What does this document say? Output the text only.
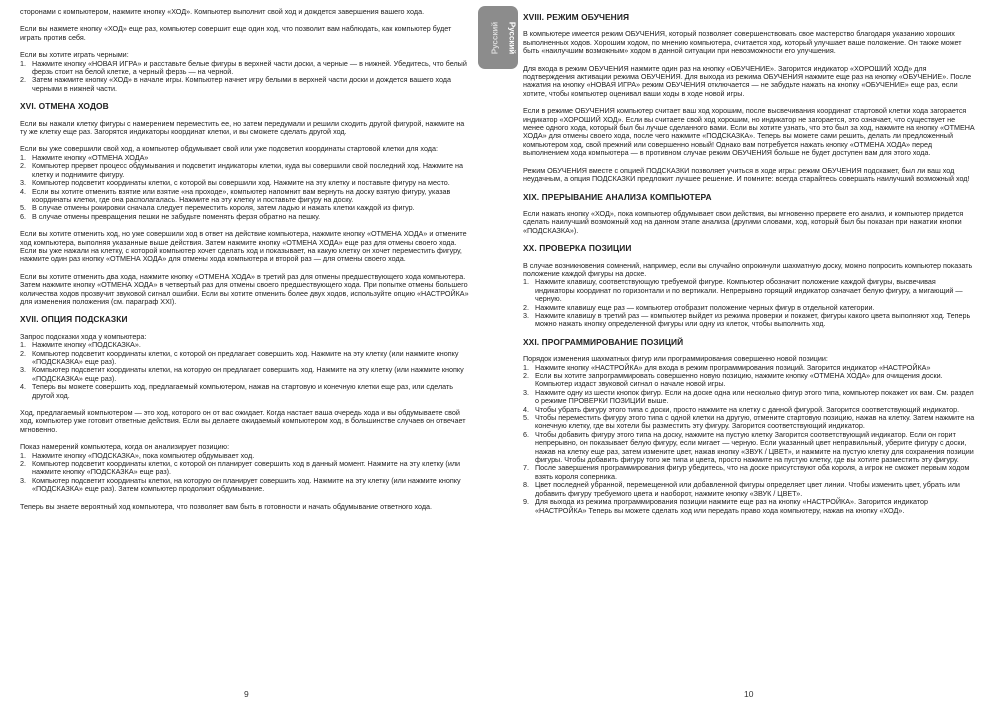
сторонами с компьютером, нажмите кнопку «ХОД». Компьютер выполнит свой ход и дождется завершения вашего хода.

Если вы нажмете кнопку «ХОД» еще раз, компьютер совершит еще один ход, что позволит вам наблюдать, как компьютер будет играть против себя.

Если вы хотите играть черными:

1. Нажмите кнопку «НОВАЯ ИГРА» и расставьте белые фигуры в верхней части доски, а черные — в нижней. Убедитесь, что белый ферзь стоит на белой клетке, а черный ферзь — на черной.
2. Затем нажмите кнопку «ХОД» в начале игры. Компьютер начнет игру белыми в верхней части доски и дождется вашего хода черными в нижней части.
XVI. ОТМЕНА ХОДОВ

Если вы нажали клетку фигуры с намерением переместить ее, но затем передумали и решили сходить другой фигурой, нажмите на ту же клетку еще раз. Загорятся индикаторы координат клетки, и вы сможете сделать другой ход.

Если вы уже совершили свой ход, а компьютер обдумывает свой или уже подсветил координаты стартовой клетки для хода:

1. Нажмите кнопку «ОТМЕНА ХОДА»
2. Компьютер прервет процесс обдумывания и подсветит индикаторы клетки, куда вы совершили свой последний ход. Нажмите на клетку и поднимите фигуру.
3. Компьютер подсветит координаты клетки, с которой вы совершили ход. Нажмите на эту клетку и поставьте фигуру на место.
4. Если вы хотите отменить взятие или взятие «на проходе», компьютер напомнит вам вернуть на доску взятую фигуру, указав координаты клетки, где она располагалась. Нажмите на эту клетку и поставьте фигуру на доску.
5. В случае отмены рокировки сначала следует переместить короля, затем ладью и нажать клетки каждой из фигур.
6. В случае отмены превращения пешки не забудьте поменять ферзя обратно на пешку.

Если вы хотите отменить ход, но уже совершили ход в ответ на действие компьютера, нажмите кнопку «ОТМЕНА ХОДА» и отмените ход компьютера, выполняя указанные выше действия. Затем нажмите кнопку «ОТМЕНА ХОДА» еще раз для отмены своего хода.

Если вы уже нажали на клетку, с которой компьютер хочет сделать ход и показывает, на какую клетку он хочет переместить фигуру, нажмите один раз кнопку «ОТМЕНА ХОДА» для отмены хода компьютера и второй раз — для отмены своего хода.

Если вы хотите отменить два хода, нажмите кнопку «ОТМЕНА ХОДА» в третий раз для отмены предшествующего хода компьютера. Затем нажмите кнопку «ОТМЕНА ХОДА» в четвертый раз для отмены своего предшествующего хода. При попытке отмены большего количества ходов прозвучит звуковой сигнал ошибки. Если вы хотите отменить более двух ходов, используйте опцию «НАСТРОЙКА» для изменения положения (см. параграф XXI).

XVII. ОПЦИЯ ПОДСКАЗКИ

Запрос подсказки хода у компьютера:

1. Нажмите кнопку «ПОДСКАЗКА».
2. Компьютер подсветит координаты клетки, с которой он предлагает совершить ход. Нажмите на эту клетку (или нажмите кнопку «ПОДСКАЗКА» еще раз).
3. Компьютер подсветит координаты клетки, на которую он предлагает совершить ход. Нажмите на эту клетку (или нажмите кнопку «ПОДСКАЗКА» еще раз).
4. Теперь вы можете совершить ход, предлагаемый компьютером, нажав на стартовую и конечную клетки еще раз, или сделать другой ход.

Ход, предлагаемый компьютером — это ход, которого он от вас ожидает. Когда настает ваша очередь хода и вы обдумываете свой ход, компьютер уже готовит ответные действия. Если вы делаете ожидаемый компьютером ход, в большинстве случаев он отвечает мгновенно.

Показ намерений компьютера, когда он анализирует позицию:

1. Нажмите кнопку «ПОДСКАЗКА», пока компьютер обдумывает ход.
2. Компьютер подсветит координаты клетки, с которой он планирует совершить ход в данный момент. Нажмите на эту клетку (или нажмите кнопку «ПОДСКАЗКА» еще раз).
3. Компьютер подсветит координаты клетки, на которую он планирует совершить ход. Нажмите на эту клетку (или нажмите кнопку «ПОДСКАЗКА» еще раз). Затем компьютер продолжит обдумывание.

Теперь вы знаете вероятный ход компьютера, что позволяет вам быть в готовности и начать обдумывание ответного хода.

9
Русский Русский
XVIII. РЕЖИМ ОБУЧЕНИЯ

В компьютере имеется режим ОБУЧЕНИЯ, который позволяет совершенствовать свое мастерство благодаря указанию хороших выполненных ходов. Хорошим ходом, по мнению компьютера, считается ход, который улучшает ваше положение. Он также может быть «наилучшим возможным» ходом в данной ситуации при невозможности его улучшения.

Для входа в режим ОБУЧЕНИЯ нажмите один раз на кнопку «ОБУЧЕНИЕ». Загорится индикатор «ХОРОШИЙ ХОД» для подтверждения активации режима ОБУЧЕНИЯ. Для выхода из режима ОБУЧЕНИЯ нажмите еще раз на кнопку «ОБУЧЕНИЕ». После нажатия на кнопку «НОВАЯ ИГРА» режим ОБУЧЕНИЯ отключается — не забудьте нажать на кнопку «ОБУЧЕНИЕ» еще раз, если хотите, чтобы компьютер оценивал ваши ходы в ходе новой игры.

Если в режиме ОБУЧЕНИЯ компьютер считает ваш ход хорошим, после высвечивания координат стартовой клетки хода загорается индикатор «ХОРОШИЙ ХОД». Если вы считаете свой ход хорошим, но индикатор не загорается, это означает, что существует не менее одного хода, который был бы лучше сделанного вами. Если вы хотите узнать, что это был за ход, нажмите на кнопку «ОТМЕНА ХОДА» для отмены своего хода, после чего нажмите «ПОДСКАЗКА». Теперь вы можете сами решить, делать ли предложенный компьютером ход, свой прежний или совершенно новый! Однако вам потребуется нажать кнопку «ОТМЕНА ХОДА» перед выполнением хода компьютера — в противном случае режим ОБУЧЕНИЯ больше не будет доступен вам для этого хода.

Режим ОБУЧЕНИЯ вместе с опцией ПОДСКАЗКИ позволяет учиться в ходе игры: режим ОБУЧЕНИЯ подскажет, был ли ваш ход неудачным, а опция ПОДСКАЗКИ предложит лучшее решение. И помните: всегда старайтесь совершать наилучший возможный ход!

XIX. ПРЕРЫВАНИЕ АНАЛИЗА КОМПЬЮТЕРА

Если нажать кнопку «ХОД», пока компьютер обдумывает свои действия, вы мгновенно прервете его анализ, и компьютер придется сделать наилучший возможный ход на данном этапе анализа (другими словами, ход, который был бы показан при нажатии кнопки «ПОДСКАЗКА»).

XX. ПРОВЕРКА ПОЗИЦИИ

В случае возникновения сомнений, например, если вы случайно опрокинули шахматную доску, можно попросить компьютер показать положение каждой фигуры на доске.

1. Нажмите клавишу, соответствующую требуемой фигуре. Компьютер обозначит положение каждой фигуры, высвечивая индикаторы координат по горизонтали и по вертикали. Непрерывно горящий индикатор означает белую фигуру, а мигающий — черную.
2. Нажмите клавишу еще раз — компьютер отобразит положение черных фигур в отдельной категории.
3. Нажмите клавишу в третий раз — компьютер выйдет из режима проверки и покажет, фигуры какого цвета выполняют ход. Теперь можно нажать кнопку определенной фигуры или одну из клеток, чтобы выполнить ход.
XXI. ПРОГРАММИРОВАНИЕ ПОЗИЦИЙ

Порядок изменения шахматных фигур или программирования совершенно новой позиции:

1. Нажмите кнопку «НАСТРОЙКА» для входа в режим программирования позиций. Загорится индикатор «НАСТРОЙКА»
2. Если вы хотите запрограммировать совершенно новую позицию, нажмите кнопку «ОТМЕНА ХОДА» для очищения доски. Компьютер издаст звуковой сигнал о начале новой игры.
3. Нажмите одну из шести кнопок фигур. Если на доске одна или несколько фигур этого типа, компьютер покажет их вам. См. раздел о режиме ПРОВЕРКИ ПОЗИЦИИ выше.
4. Чтобы убрать фигуру этого типа с доски, просто нажмите на клетку с данной фигурой. Загорится соответствующий индикатор.
5. Чтобы переместить фигуру этого типа с одной клетки на другую, отмените стартовую позицию, нажав на клетку. Затем нажмите на конечную клетку, где вы хотели бы разместить эту фигуру. Загорится соответствующий индикатор.
6. Чтобы добавить фигуру этого типа на доску, нажмите на пустую клетку Загорится соответствующий индикатор. Если он горит непрерывно, он показывает белую фигуру, если мигает — черную. Если указанный цвет неправильный, уберите фигуру с доски, нажав на клетку еще раз, затем измените цвет, нажав кнопку «ЗВУК / ЦВЕТ», и нажмите на пустую клетку для сохранения позиции фигуры. Чтобы добавить фигуру того же типа и цвета, просто нажмите на пустую клетку, где вы хотите разместить эту фигуру.
7. После завершения программирования фигур убедитесь, что на доске присутствуют оба короля, а игрок не сможет первым ходом взять короля соперника.
8. Цвет последней убранной, перемещенной или добавленной фигуры определяет цвет линии. Чтобы изменить цвет, убрать или добавить фигуру требуемого цвета и наоборот, нажмите кнопку «ЗВУК / ЦВЕТ».
9. Для выхода из режима программирования позиции нажмите еще раз на кнопку «НАСТРОЙКА». Загорится индикатор «НАСТРОЙКА» Теперь вы можете сделать ход или передать право хода компьютеру, нажав на кнопку «ХОД».
10
